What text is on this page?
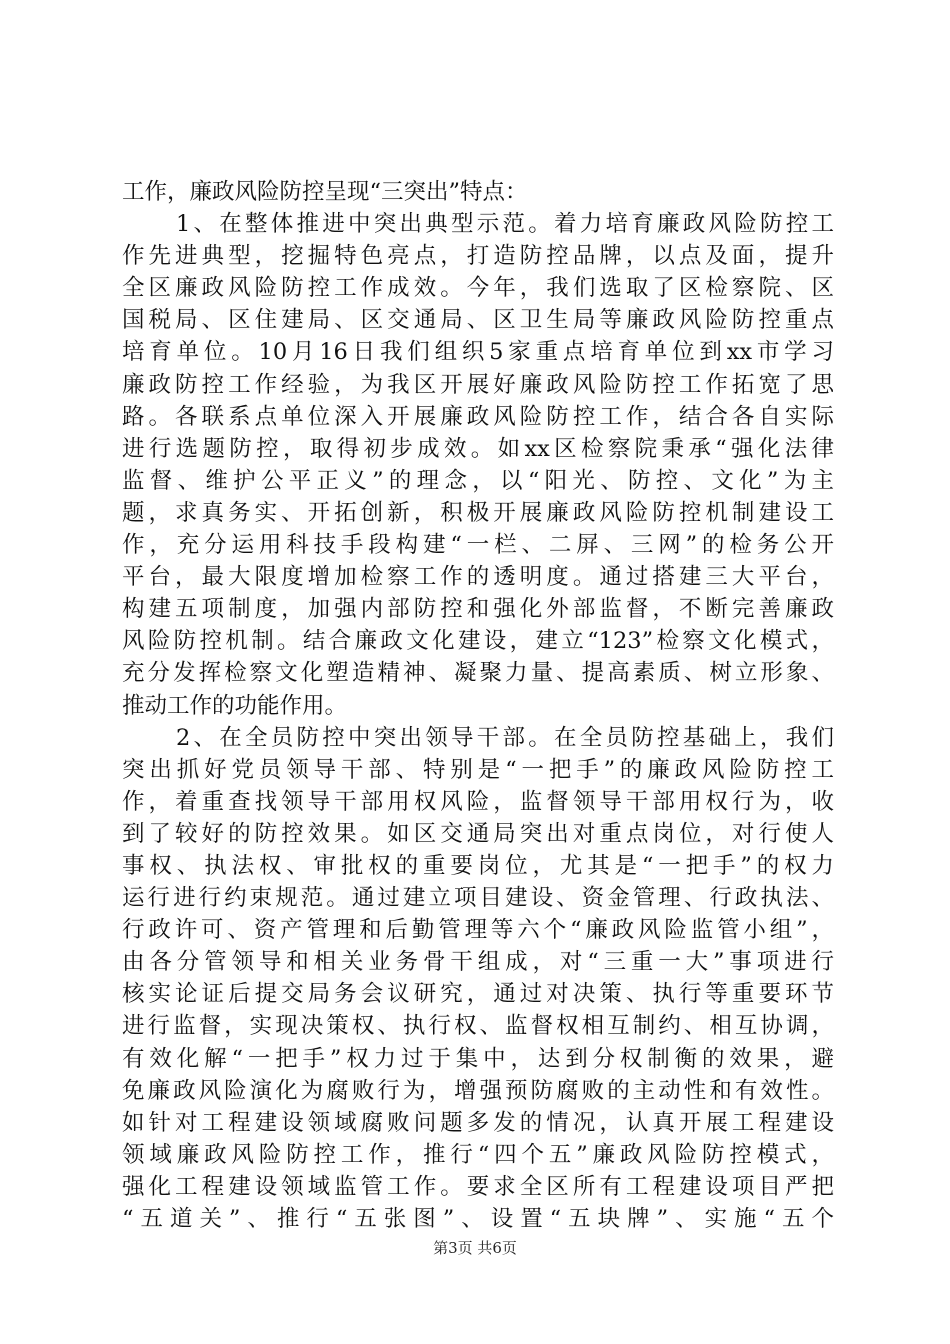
工作，廉政风险防控呈现“三突出”特点：
1、在整体推进中突出典型示范。着力培育廉政风险防控工
作先进典型，挖掘特色亮点，打造防控品牌，以点及面，提升
全区廉政风险防控工作成效。今年，我们选取了区检察院、区
国税局、区住建局、区交通局、区卫生局等廉政风险防控重点
培育单位。10月16日我们组织5家重点培育单位到xx市学习
廉政防控工作经验，为我区开展好廉政风险防控工作拓宽了思
路。各联系点单位深入开展廉政风险防控工作，结合各自实际
进行选题防控，取得初步成效。如xx区检察院秉承“强化法律
监督、维护公平正义”的理念，以“阳光、防控、文化”为主
题，求真务实、开拓创新，积极开展廉政风险防控机制建设工
作，充分运用科技手段构建“一栏、二屏、三网”的检务公开
平台，最大限度增加检察工作的透明度。通过搭建三大平台，
构建五项制度，加强内部防控和强化外部监督，不断完善廉政
风险防控机制。结合廉政文化建设，建立“123”检察文化模式，
充分发挥检察文化塑造精神、凝聚力量、提高素质、树立形象、
推动工作的功能作用。
2、在全员防控中突出领导干部。在全员防控基础上，我们
突出抓好党员领导干部、特别是“一把手”的廉政风险防控工
作，着重查找领导干部用权风险，监督领导干部用权行为，收
到了较好的防控效果。如区交通局突出对重点岗位，对行使人
事权、执法权、审批权的重要岗位，尤其是“一把手”的权力
运行进行约束规范。通过建立项目建设、资金管理、行政执法、
行政许可、资产管理和后勤管理等六个“廉政风险监管小组”，
由各分管领导和相关业务骨干组成，对“三重一大”事项进行
核实论证后提交局务会议研究，通过对决策、执行等重要环节
进行监督，实现决策权、执行权、监督权相互制约、相互协调，
有效化解“一把手”权力过于集中，达到分权制衡的效果，避
免廉政风险演化为腐败行为，增强预防腐败的主动性和有效性。
如针对工程建设领域腐败问题多发的情况，认真开展工程建设
领域廉政风险防控工作，推行“四个五”廉政风险防控模式，
强化工程建设领域监管工作。要求全区所有工程建设项目严把
“五道关”、推行“五张图”、设置“五块牌”、实施“五个
第3页 共6页
